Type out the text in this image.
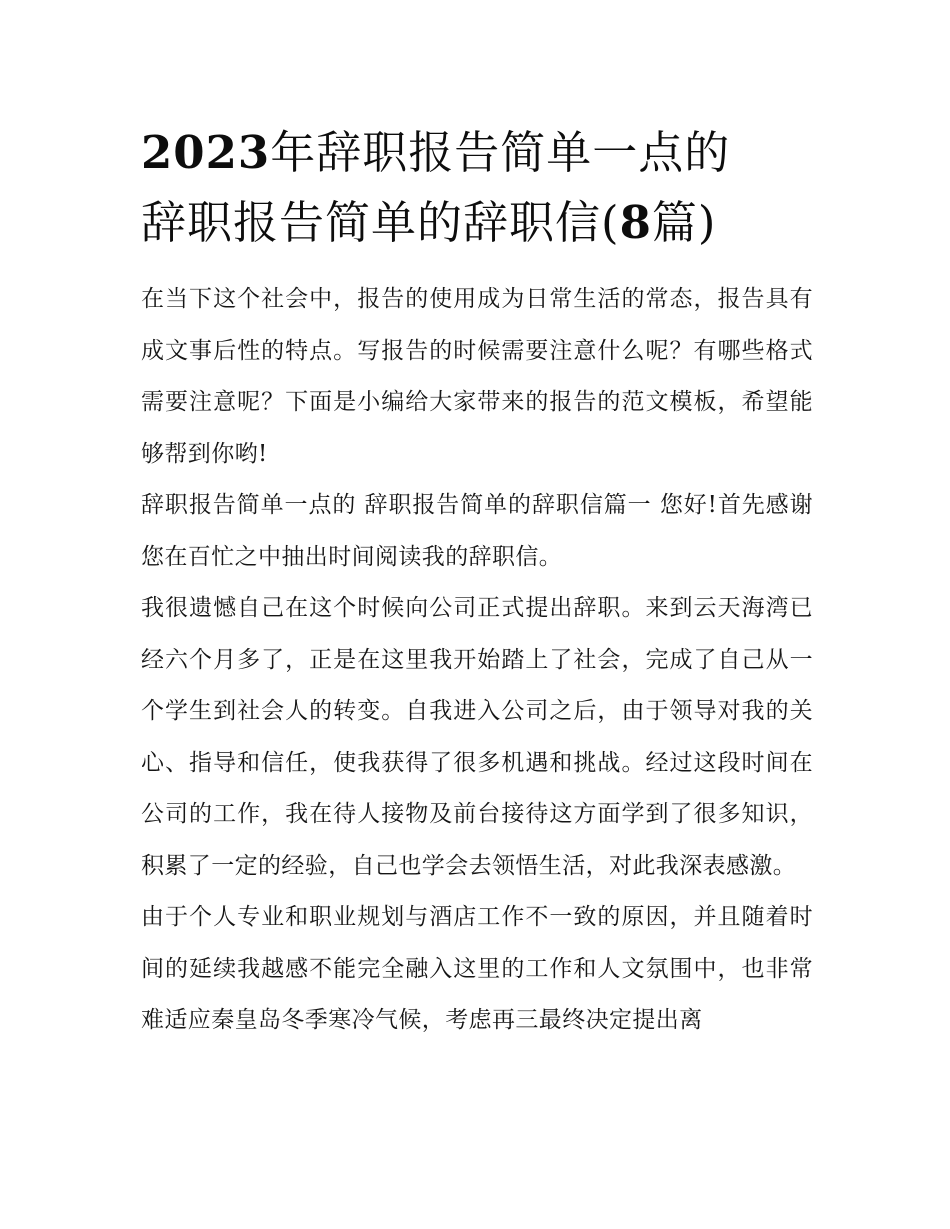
2023年辞职报告简单一点的
辞职报告简单的辞职信(8篇)

在当下这个社会中，报告的使用成为日常生活的常态，报告具有成文事后性的特点。写报告的时候需要注意什么呢？有哪些格式需要注意呢？下面是小编给大家带来的报告的范文模板，希望能够帮到你哟!

辞职报告简单一点的 辞职报告简单的辞职信篇一 您好!首先感谢您在百忙之中抽出时间阅读我的辞职信。

我很遗憾自己在这个时候向公司正式提出辞职。来到云天海湾已经六个月多了，正是在这里我开始踏上了社会，完成了自己从一个学生到社会人的转变。自我进入公司之后，由于领导对我的关心、指导和信任，使我获得了很多机遇和挑战。经过这段时间在公司的工作，我在待人接物及前台接待这方面学到了很多知识，积累了一定的经验，自己也学会去领悟生活，对此我深表感激。

由于个人专业和职业规划与酒店工作不一致的原因，并且随着时间的延续我越感不能完全融入这里的工作和人文氛围中，也非常难适应秦皇岛冬季寒冷气候，考虑再三最终决定提出离
